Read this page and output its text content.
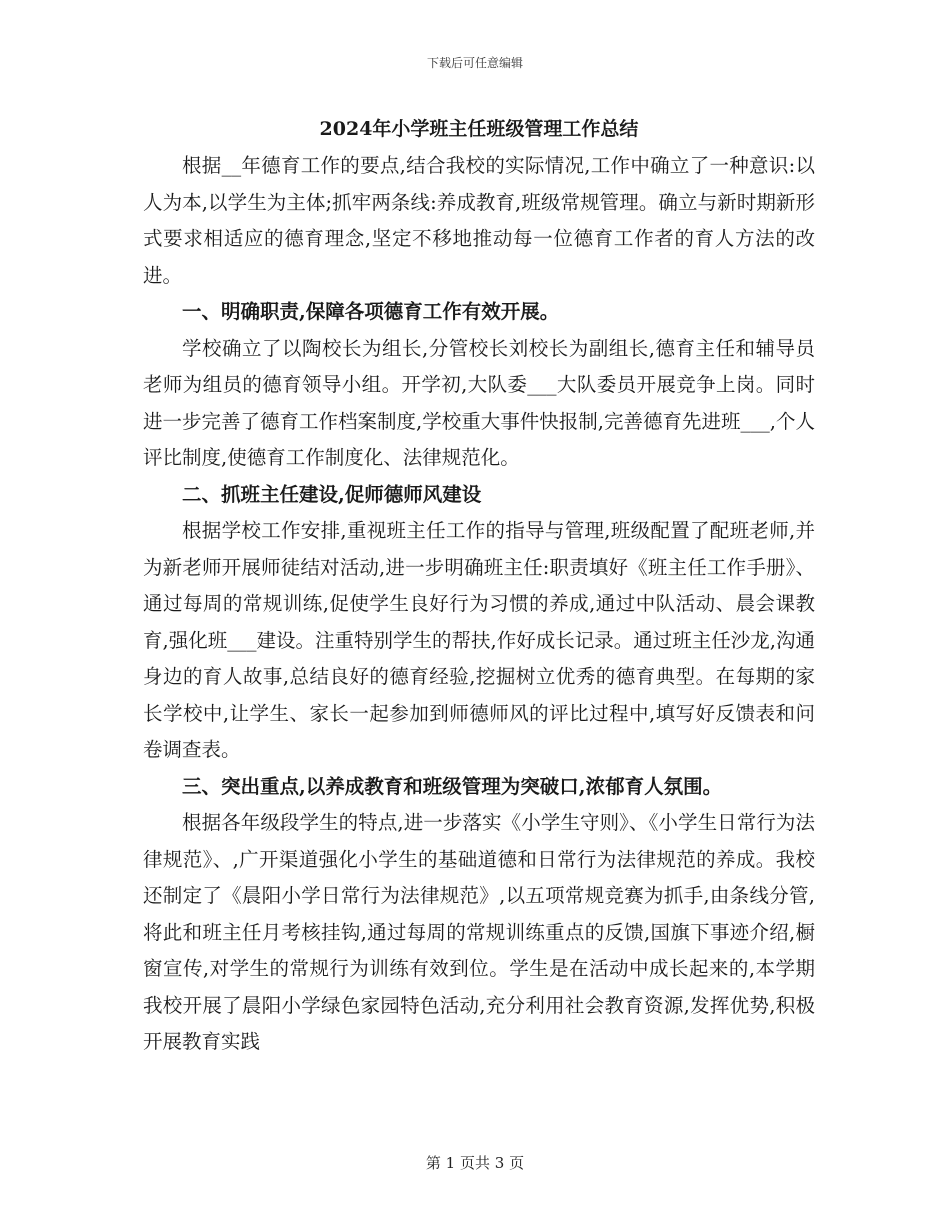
下载后可任意编辑
2024年小学班主任班级管理工作总结

根据__年德育工作的要点,结合我校的实际情况,工作中确立了一种意识:以人为本,以学生为主体;抓牢两条线:养成教育,班级常规管理。确立与新时期新形式要求相适应的德育理念,坚定不移地推动每一位德育工作者的育人方法的改进。

一、明确职责,保障各项德育工作有效开展。

学校确立了以陶校长为组长,分管校长刘校长为副组长,德育主任和辅导员老师为组员的德育领导小组。开学初,大队委___大队委员开展竞争上岗。同时进一步完善了德育工作档案制度,学校重大事件快报制,完善德育先进班___,个人评比制度,使德育工作制度化、法律规范化。

二、抓班主任建设,促师德师风建设

根据学校工作安排,重视班主任工作的指导与管理,班级配置了配班老师,并为新老师开展师徒结对活动,进一步明确班主任:职责填好《班主任工作手册》、通过每周的常规训练,促使学生良好行为习惯的养成,通过中队活动、晨会课教育,强化班___建设。注重特别学生的帮扶,作好成长记录。通过班主任沙龙,沟通身边的育人故事,总结良好的德育经验,挖掘树立优秀的德育典型。在每期的家长学校中,让学生、家长一起参加到师德师风的评比过程中,填写好反馈表和问卷调查表。

三、突出重点,以养成教育和班级管理为突破口,浓郁育人氛围。

根据各年级段学生的特点,进一步落实《小学生守则》、《小学生日常行为法律规范》、,广开渠道强化小学生的基础道德和日常行为法律规范的养成。我校还制定了《晨阳小学日常行为法律规范》,以五项常规竞赛为抓手,由条线分管,将此和班主任月考核挂钩,通过每周的常规训练重点的反馈,国旗下事迹介绍,橱窗宣传,对学生的常规行为训练有效到位。学生是在活动中成长起来的,本学期我校开展了晨阳小学绿色家园特色活动,充分利用社会教育资源,发挥优势,积极开展教育实践

第 1 页共 3 页
